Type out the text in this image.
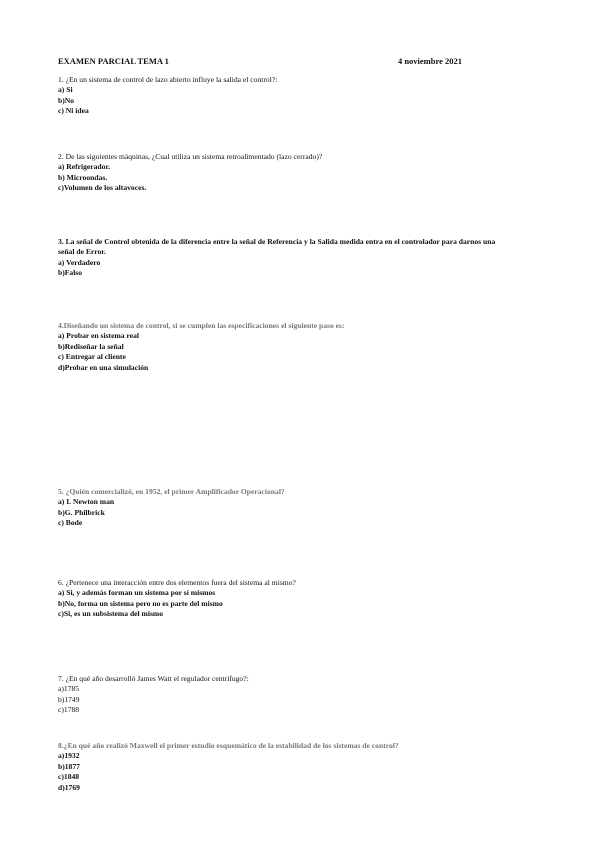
EXAMEN PARCIAL TEMA 1	4 noviembre 2021

1. ¿En un sistema de control de lazo abierto influye la salida el control?:

a) Si
b)No
c) Ni idea

2. De las siguientes máquinas, ¿Cual utiliza un sistema retroalimentado (lazo cerrado)?

a) Refrigerador.
b) Microondas.
c)Volumen de los altavoces.

3. La señal de Control obtenida de la diferencia entre la señal de Referencia y la Salida medida entra en el controlador para darnos una señal de Error.

a) Verdadero
b)Falso

4.Diseñando un sistema de control, si se cumplen las especificaciones el siguiente paso es:

a) Probar en sistema real
b)Rediseñar la señal
c) Entregar al cliente
d)Probar en una simulación

5. ¿Quién comercializó, en 1952, el primer Amplificador Operacional?

a) I. Newton man
b)G. Philbrick
c) Bode

6. ¿Pertenece una interacción entre dos elementos fuera del sistema al mismo?

a) Si, y además forman un sistema por sí mismos
b)No, forma un sistema pero no es parte del mismo
c)Si, es un subsistema del mismo

7. ¿En qué año desarrolló James Watt el regulador centrífugo?:

a)1785
b)1749
c)1788

8.¿En qué año realizó Maxwell el primer estudio esquemático de la estabilidad de los sistemas de control?

a)1932
b)1877
c)1848
d)1769
